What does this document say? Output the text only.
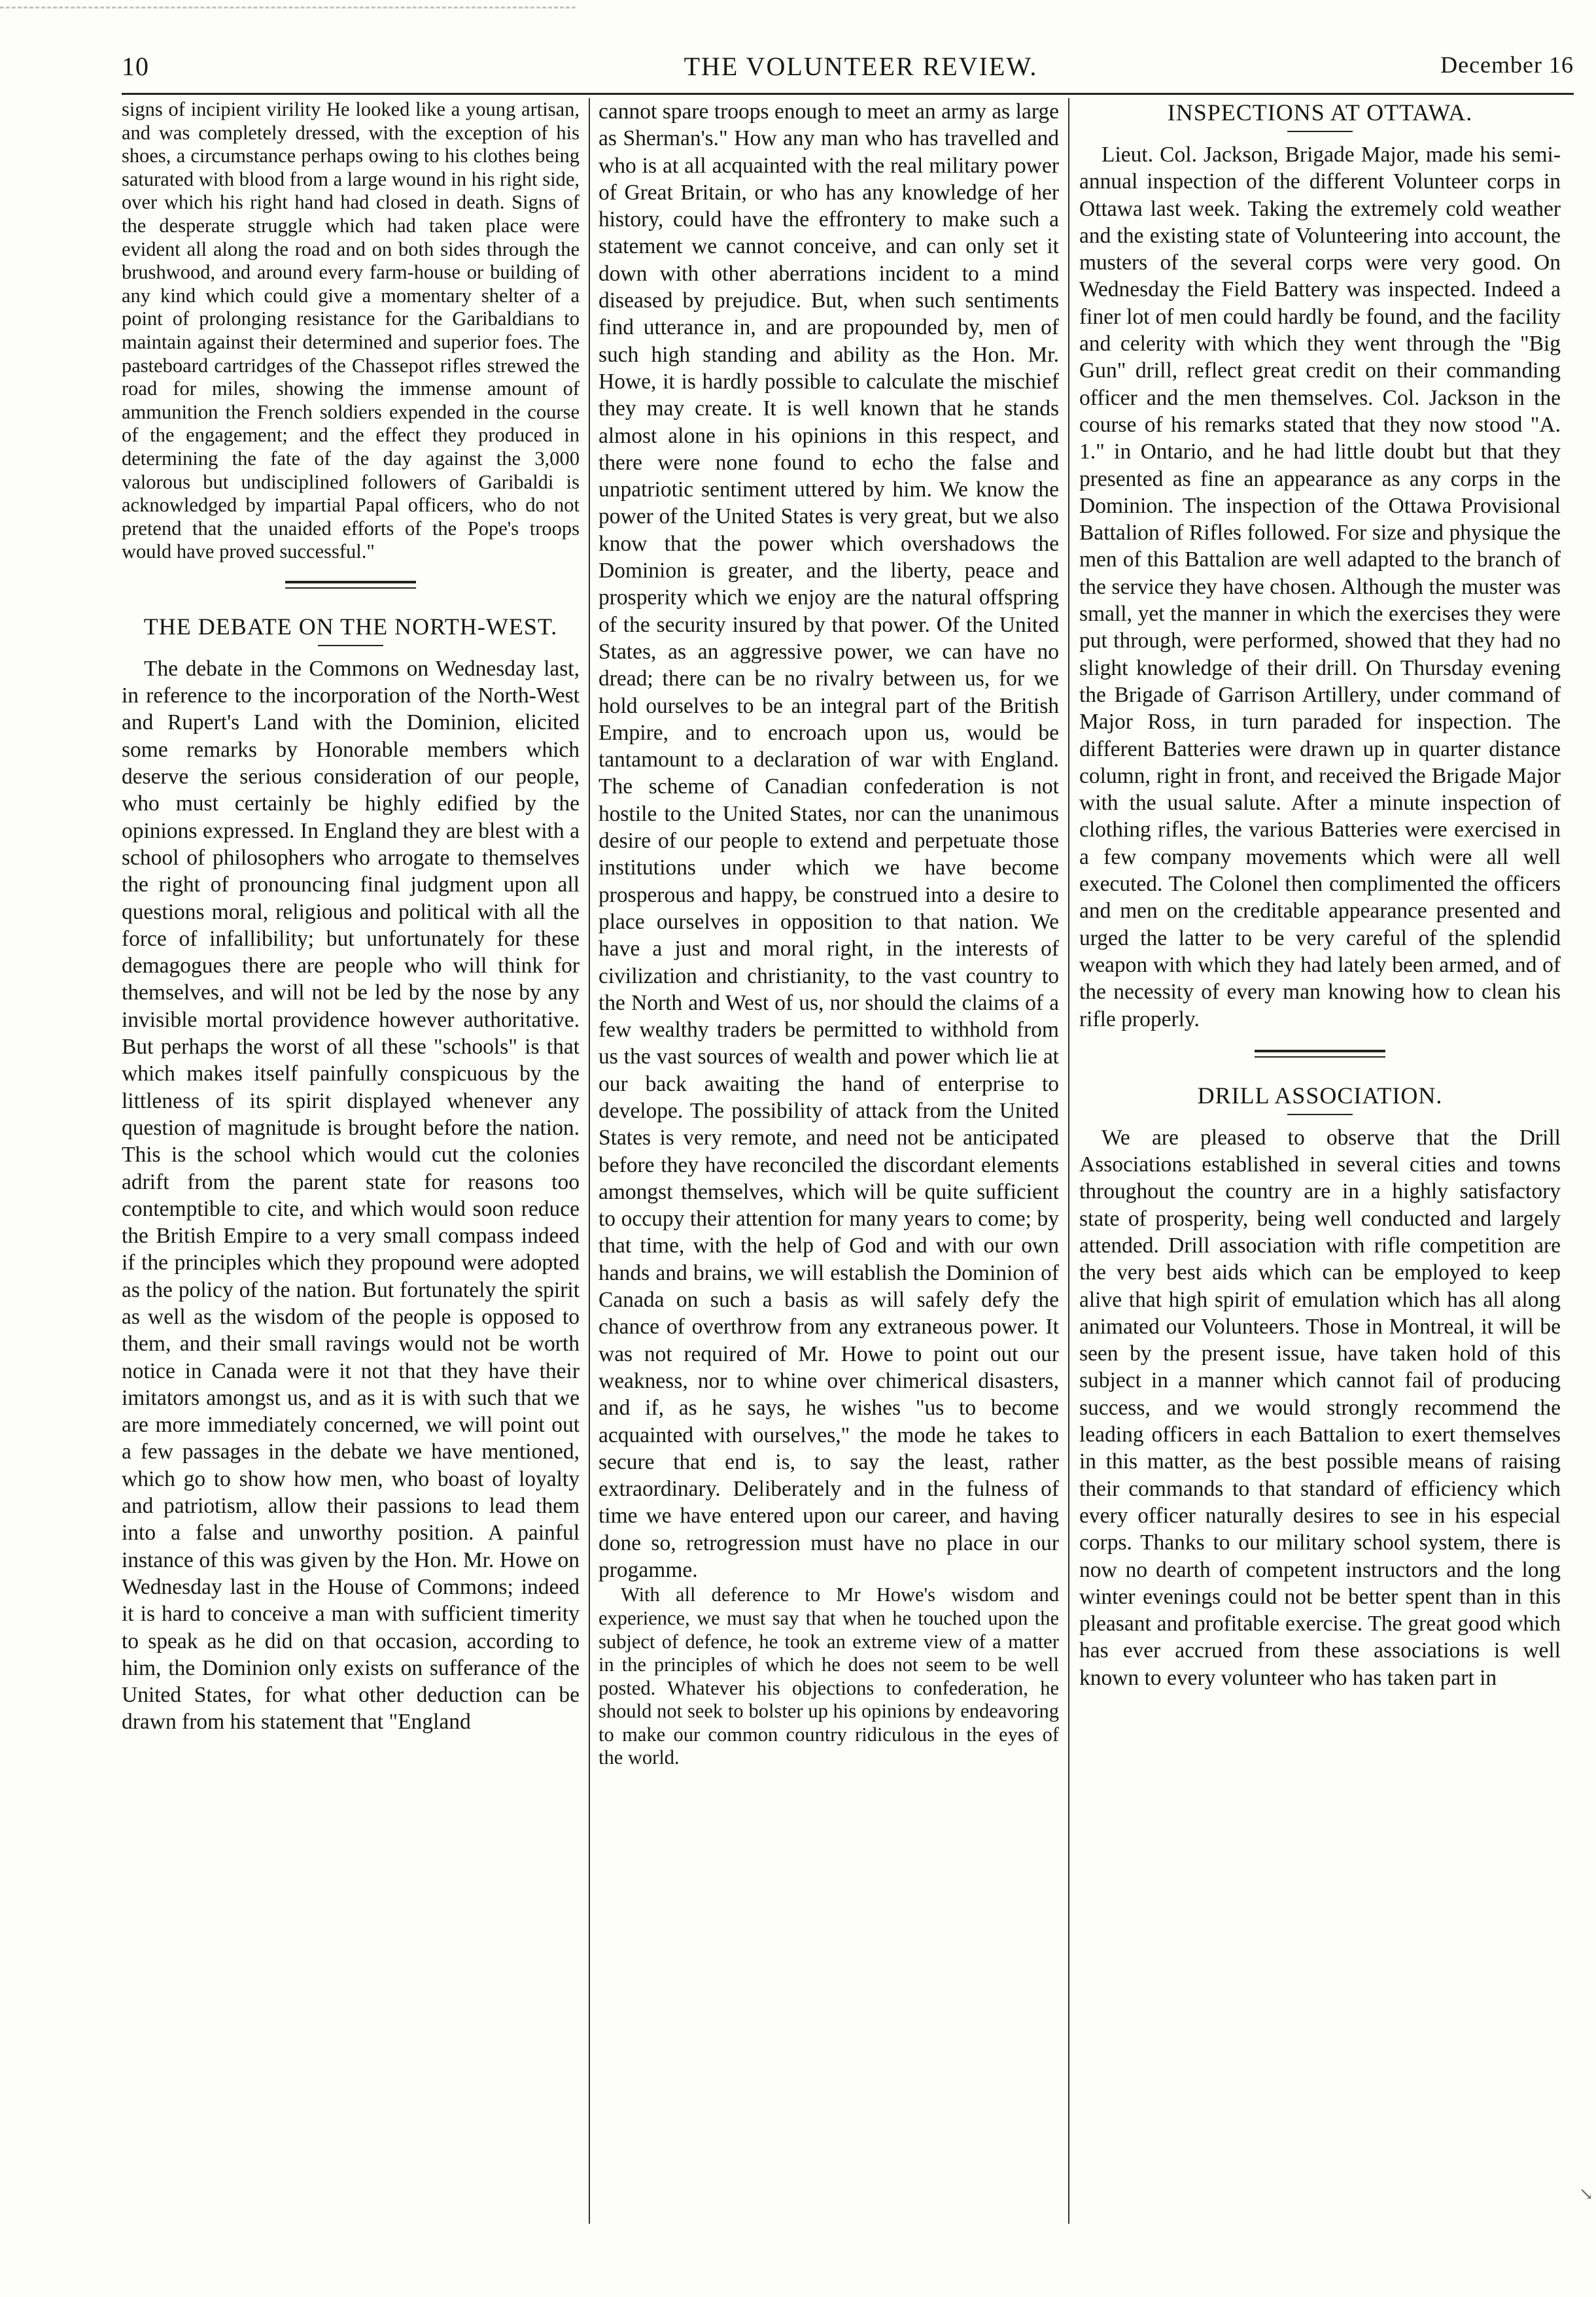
10	THE VOLUNTEER REVIEW.	December 16

signs of incipient virility He looked like a young artisan, and was completely dressed, with the exception of his shoes, a circumstance perhaps owing to his clothes being saturated with blood from a large wound in his right side, over which his right hand had closed in death. Signs of the desperate struggle which had taken place were evident all along the road and on both sides through the brushwood, and around every farm-house or building of any kind which could give a momentary shelter of a point of prolonging resistance for the Garibaldians to maintain against their determined and superior foes. The pasteboard cartridges of the Chassepot rifles strewed the road for miles, showing the immense amount of ammunition the French soldiers expended in the course of the engagement; and the effect they produced in determining the fate of the day against the 3,000 valorous but undisciplined followers of Garibaldi is acknowledged by impartial Papal officers, who do not pretend that the unaided efforts of the Pope's troops would have proved successful."

THE DEBATE ON THE NORTH-WEST.

The debate in the Commons on Wednesday last, in reference to the incorporation of the North-West and Rupert's Land with the Dominion, elicited some remarks by Honorable members which deserve the serious consideration of our people, who must certainly be highly edified by the opinions expressed. In England they are blest with a school of philosophers who arrogate to themselves the right of pronouncing final judgment upon all questions moral, religious and political with all the force of infallibility; but unfortunately for these demagogues there are people who will think for themselves, and will not be led by the nose by any invisible mortal providence however authoritative. But perhaps the worst of all these "schools" is that which makes itself painfully conspicuous by the littleness of its spirit displayed whenever any question of magnitude is brought before the nation. This is the school which would cut the colonies adrift from the parent state for reasons too contemptible to cite, and which would soon reduce the British Empire to a very small compass indeed if the principles which they propound were adopted as the policy of the nation. But fortunately the spirit as well as the wisdom of the people is opposed to them, and their small ravings would not be worth notice in Canada were it not that they have their imitators amongst us, and as it is with such that we are more immediately concerned, we will point out a few passages in the debate we have mentioned, which go to show how men, who boast of loyalty and patriotism, allow their passions to lead them into a false and unworthy position. A painful instance of this was given by the Hon. Mr. Howe on Wednesday last in the House of Commons; indeed it is hard to conceive a man with sufficient timerity to speak as he did on that occasion, according to him, the Dominion only exists on sufferance of the United States, for what other deduction can be drawn from his statement that "England

cannot spare troops enough to meet an army as large as Sherman's." How any man who has travelled and who is at all acquainted with the real military power of Great Britain, or who has any knowledge of her history, could have the effrontery to make such a statement we cannot conceive, and can only set it down with other aberrations incident to a mind diseased by prejudice. But, when such sentiments find utterance in, and are propounded by, men of such high standing and ability as the Hon. Mr. Howe, it is hardly possible to calculate the mischief they may create. It is well known that he stands almost alone in his opinions in this respect, and there were none found to echo the false and unpatriotic sentiment uttered by him. We know the power of the United States is very great, but we also know that the power which overshadows the Dominion is greater, and the liberty, peace and prosperity which we enjoy are the natural offspring of the security insured by that power. Of the United States, as an aggressive power, we can have no dread; there can be no rivalry between us, for we hold ourselves to be an integral part of the British Empire, and to encroach upon us, would be tantamount to a declaration of war with England. The scheme of Canadian confederation is not hostile to the United States, nor can the unanimous desire of our people to extend and perpetuate those institutions under which we have become prosperous and happy, be construed into a desire to place ourselves in opposition to that nation. We have a just and moral right, in the interests of civilization and christianity, to the vast country to the North and West of us, nor should the claims of a few wealthy traders be permitted to withhold from us the vast sources of wealth and power which lie at our back awaiting the hand of enterprise to develope. The possibility of attack from the United States is very remote, and need not be anticipated before they have reconciled the discordant elements amongst themselves, which will be quite sufficient to occupy their attention for many years to come; by that time, with the help of God and with our own hands and brains, we will establish the Dominion of Canada on such a basis as will safely defy the chance of overthrow from any extraneous power. It was not required of Mr. Howe to point out our weakness, nor to whine over chimerical disasters, and if, as he says, he wishes "us to become acquainted with ourselves," the mode he takes to secure that end is, to say the least, rather extraordinary. Deliberately and in the fulness of time we have entered upon our career, and having done so, retrogression must have no place in our progamme.

With all deference to Mr Howe's wisdom and experience, we must say that when he touched upon the subject of defence, he took an extreme view of a matter in the principles of which he does not seem to be well posted. Whatever his objections to confederation, he should not seek to bolster up his opinions by endeavoring to make our common country ridiculous in the eyes of the world.

INSPECTIONS AT OTTAWA.

Lieut. Col. Jackson, Brigade Major, made his semi-annual inspection of the different Volunteer corps in Ottawa last week. Taking the extremely cold weather and the existing state of Volunteering into account, the musters of the several corps were very good. On Wednesday the Field Battery was inspected. Indeed a finer lot of men could hardly be found, and the facility and celerity with which they went through the "Big Gun" drill, reflect great credit on their commanding officer and the men themselves. Col. Jackson in the course of his remarks stated that they now stood "A. 1." in Ontario, and he had little doubt but that they presented as fine an appearance as any corps in the Dominion. The inspection of the Ottawa Provisional Battalion of Rifles followed. For size and physique the men of this Battalion are well adapted to the branch of the service they have chosen. Although the muster was small, yet the manner in which the exercises they were put through, were performed, showed that they had no slight knowledge of their drill. On Thursday evening the Brigade of Garrison Artillery, under command of Major Ross, in turn paraded for inspection. The different Batteries were drawn up in quarter distance column, right in front, and received the Brigade Major with the usual salute. After a minute inspection of clothing rifles, the various Batteries were exercised in a few company movements which were all well executed. The Colonel then complimented the officers and men on the creditable appearance presented and urged the latter to be very careful of the splendid weapon with which they had lately been armed, and of the necessity of every man knowing how to clean his rifle properly.

DRILL ASSOCIATION.

We are pleased to observe that the Drill Associations established in several cities and towns throughout the country are in a highly satisfactory state of prosperity, being well conducted and largely attended. Drill association with rifle competition are the very best aids which can be employed to keep alive that high spirit of emulation which has all along animated our Volunteers. Those in Montreal, it will be seen by the present issue, have taken hold of this subject in a manner which cannot fail of producing success, and we would strongly recommend the leading officers in each Battalion to exert themselves in this matter, as the best possible means of raising their commands to that standard of efficiency which every officer naturally desires to see in his especial corps. Thanks to our military school system, there is now no dearth of competent instructors and the long winter evenings could not be better spent than in this pleasant and profitable exercise. The great good which has ever accrued from these associations is well known to every volunteer who has taken part in

↘
